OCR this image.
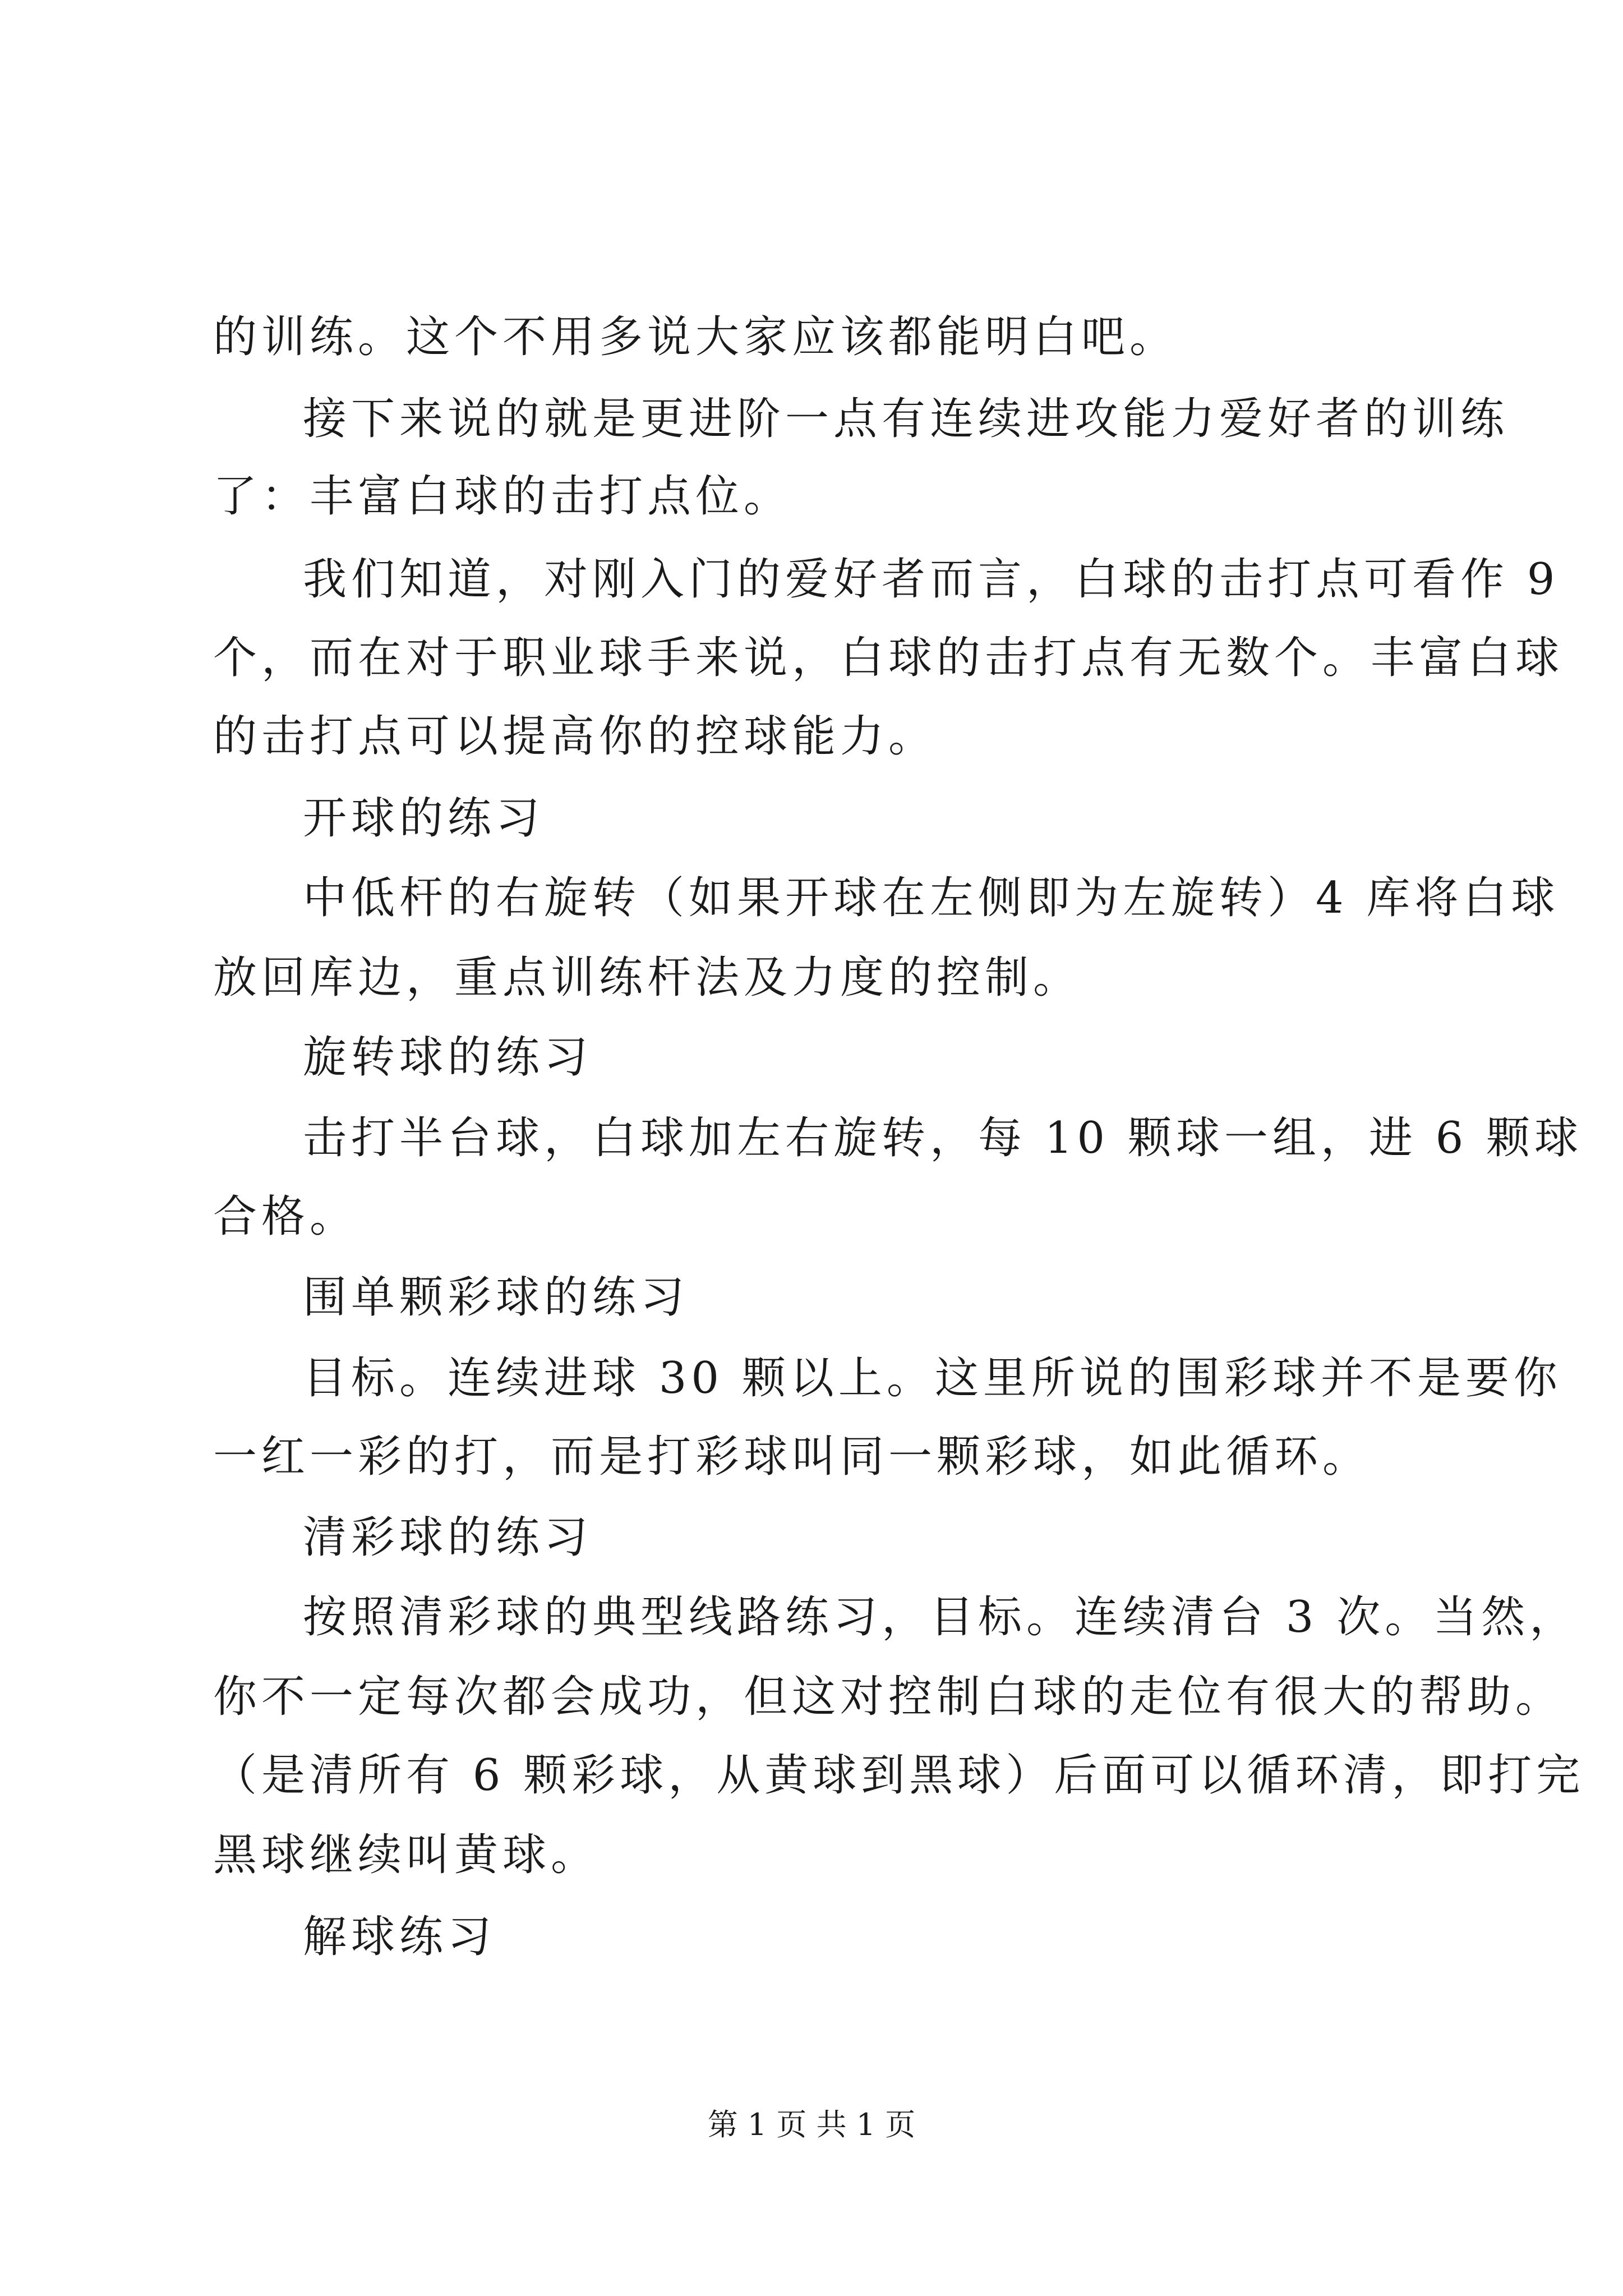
的训练。这个不用多说大家应该都能明白吧。
接下来说的就是更进阶一点有连续进攻能力爱好者的训练
了：丰富白球的击打点位。
我们知道，对刚入门的爱好者而言，白球的击打点可看作 9
个，而在对于职业球手来说，白球的击打点有无数个。丰富白球
的击打点可以提高你的控球能力。
开球的练习
中低杆的右旋转（如果开球在左侧即为左旋转）4 库将白球
放回库边，重点训练杆法及力度的控制。
旋转球的练习
击打半台球，白球加左右旋转，每 10 颗球一组，进 6 颗球
合格。
围单颗彩球的练习
目标。连续进球 30 颗以上。这里所说的围彩球并不是要你
一红一彩的打，而是打彩球叫同一颗彩球，如此循环。
清彩球的练习
按照清彩球的典型线路练习，目标。连续清台 3 次。当然，
你不一定每次都会成功，但这对控制白球的走位有很大的帮助。
（是清所有 6 颗彩球，从黄球到黑球）后面可以循环清，即打完
黑球继续叫黄球。
解球练习
第 1 页 共 1 页
